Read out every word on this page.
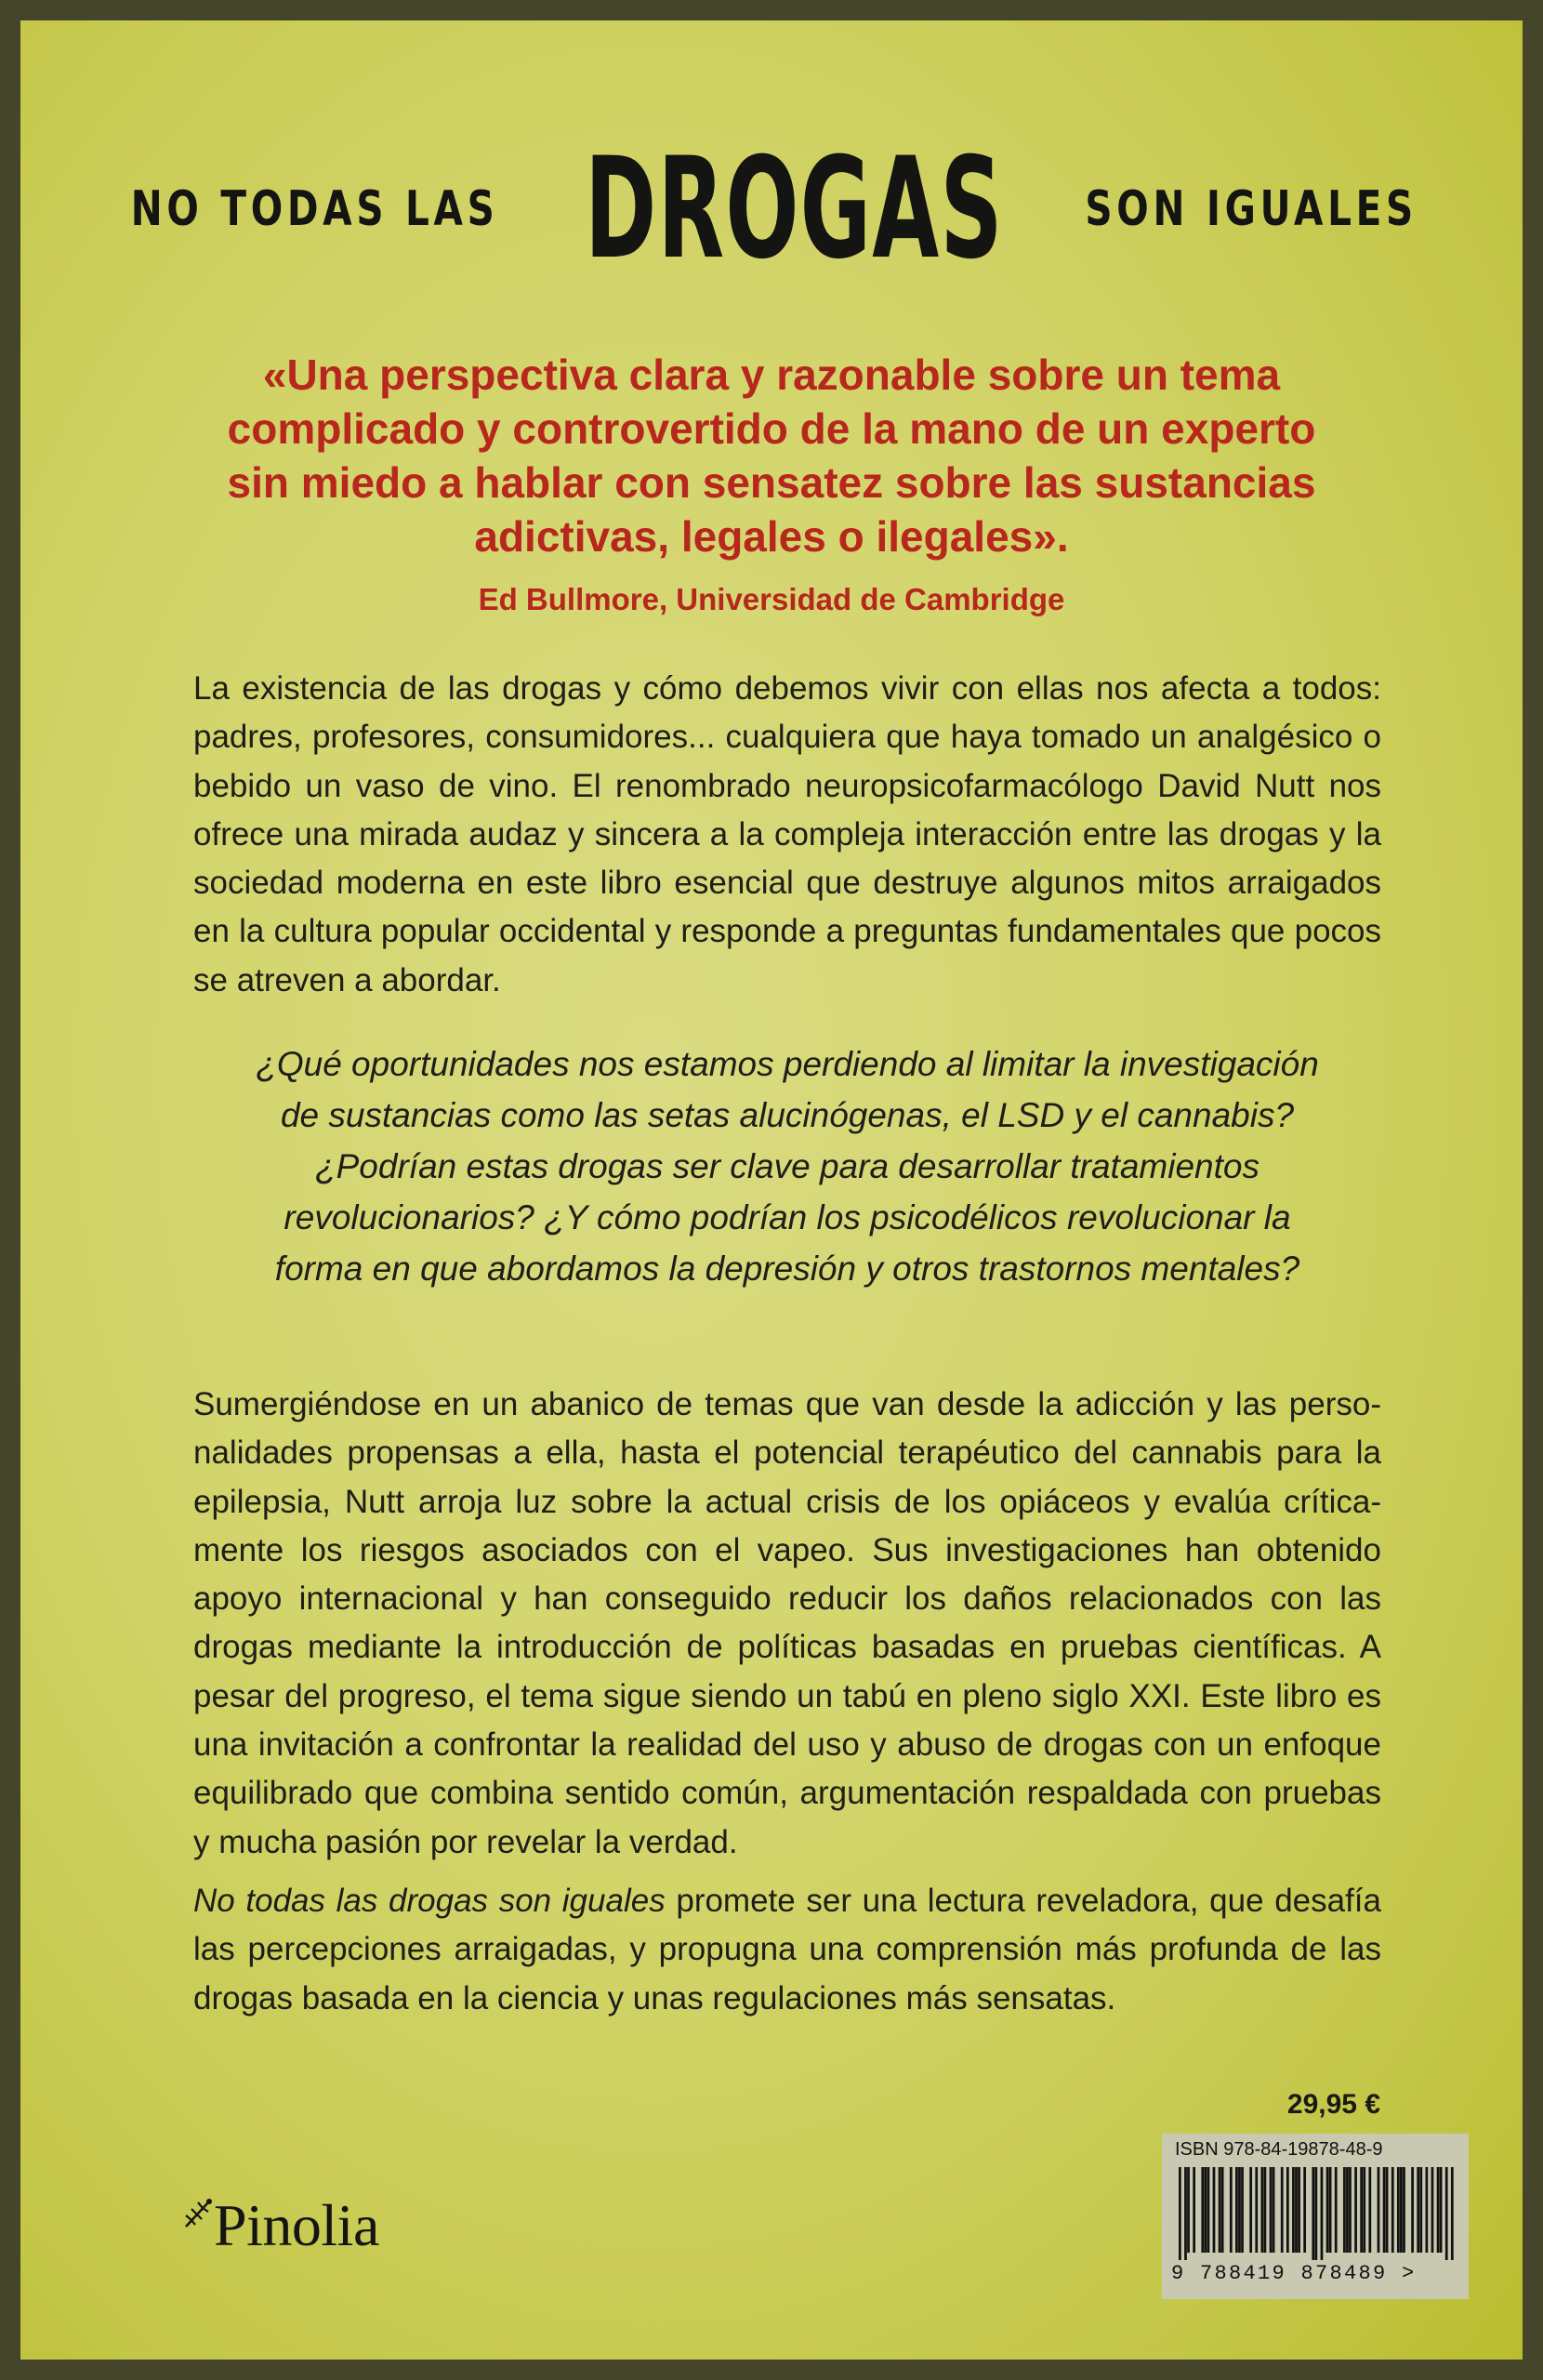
NO TODAS LAS DROGAS SON IGUALES
«Una perspectiva clara y razonable sobre un tema complicado y controvertido de la mano de un experto sin miedo a hablar con sensatez sobre las sustancias adictivas, legales o ilegales».
Ed Bullmore, Universidad de Cambridge
La existencia de las drogas y cómo debemos vivir con ellas nos afecta a todos: padres, profesores, consumidores... cualquiera que haya tomado un analgésico o bebido un vaso de vino. El renombrado neuropsicofarmacólogo David Nutt nos ofrece una mirada audaz y sincera a la compleja interacción entre las drogas y la sociedad moderna en este libro esencial que destruye algunos mitos arraigados en la cultura popular occidental y responde a preguntas fundamentales que pocos se atreven a abordar.
¿Qué oportunidades nos estamos perdiendo al limitar la investigación de sustancias como las setas alucinógenas, el LSD y el cannabis? ¿Podrían estas drogas ser clave para desarrollar tratamientos revolucionarios? ¿Y cómo podrían los psicodélicos revolucionar la forma en que abordamos la depresión y otros trastornos mentales?
Sumergiéndose en un abanico de temas que van desde la adicción y las personalidades propensas a ella, hasta el potencial terapéutico del cannabis para la epilepsia, Nutt arroja luz sobre la actual crisis de los opiáceos y evalúa críticamente los riesgos asociados con el vapeo. Sus investigaciones han obtenido apoyo internacional y han conseguido reducir los daños relacionados con las drogas mediante la introducción de políticas basadas en pruebas científicas. A pesar del progreso, el tema sigue siendo un tabú en pleno siglo XXI. Este libro es una invitación a confrontar la realidad del uso y abuso de drogas con un enfoque equilibrado que combina sentido común, argumentación respaldada con pruebas y mucha pasión por revelar la verdad.
No todas las drogas son iguales promete ser una lectura reveladora, que desafía las percepciones arraigadas, y propugna una comprensión más profunda de las drogas basada en la ciencia y unas regulaciones más sensatas.
29,95 €
ISBN 978-84-19878-48-9
9 788419 878489 >
Pinolia
